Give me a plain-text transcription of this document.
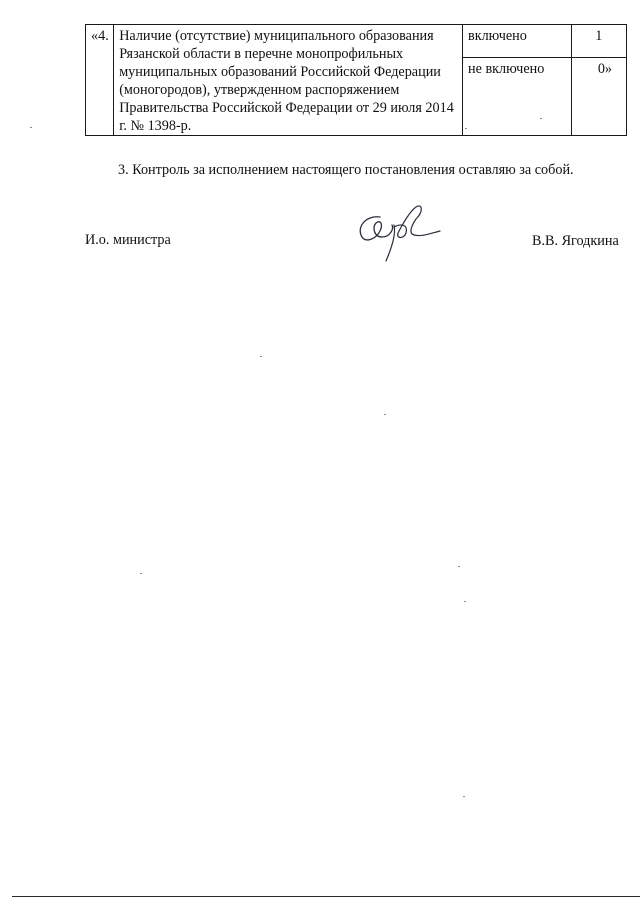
«4.	Наличие (отсутствие) муниципального образования Рязанской области в перечне монопрофильных муниципальных образований Российской Федерации (моногородов), утвержденном распоряжением Правительства Российской Федерации от 29 июля 2014 г. № 1398-р.	включено	1
		не включено	0»
3. Контроль за исполнением настоящего постановления оставляю за собой.
И.о. министра	В.В. Ягодкина
